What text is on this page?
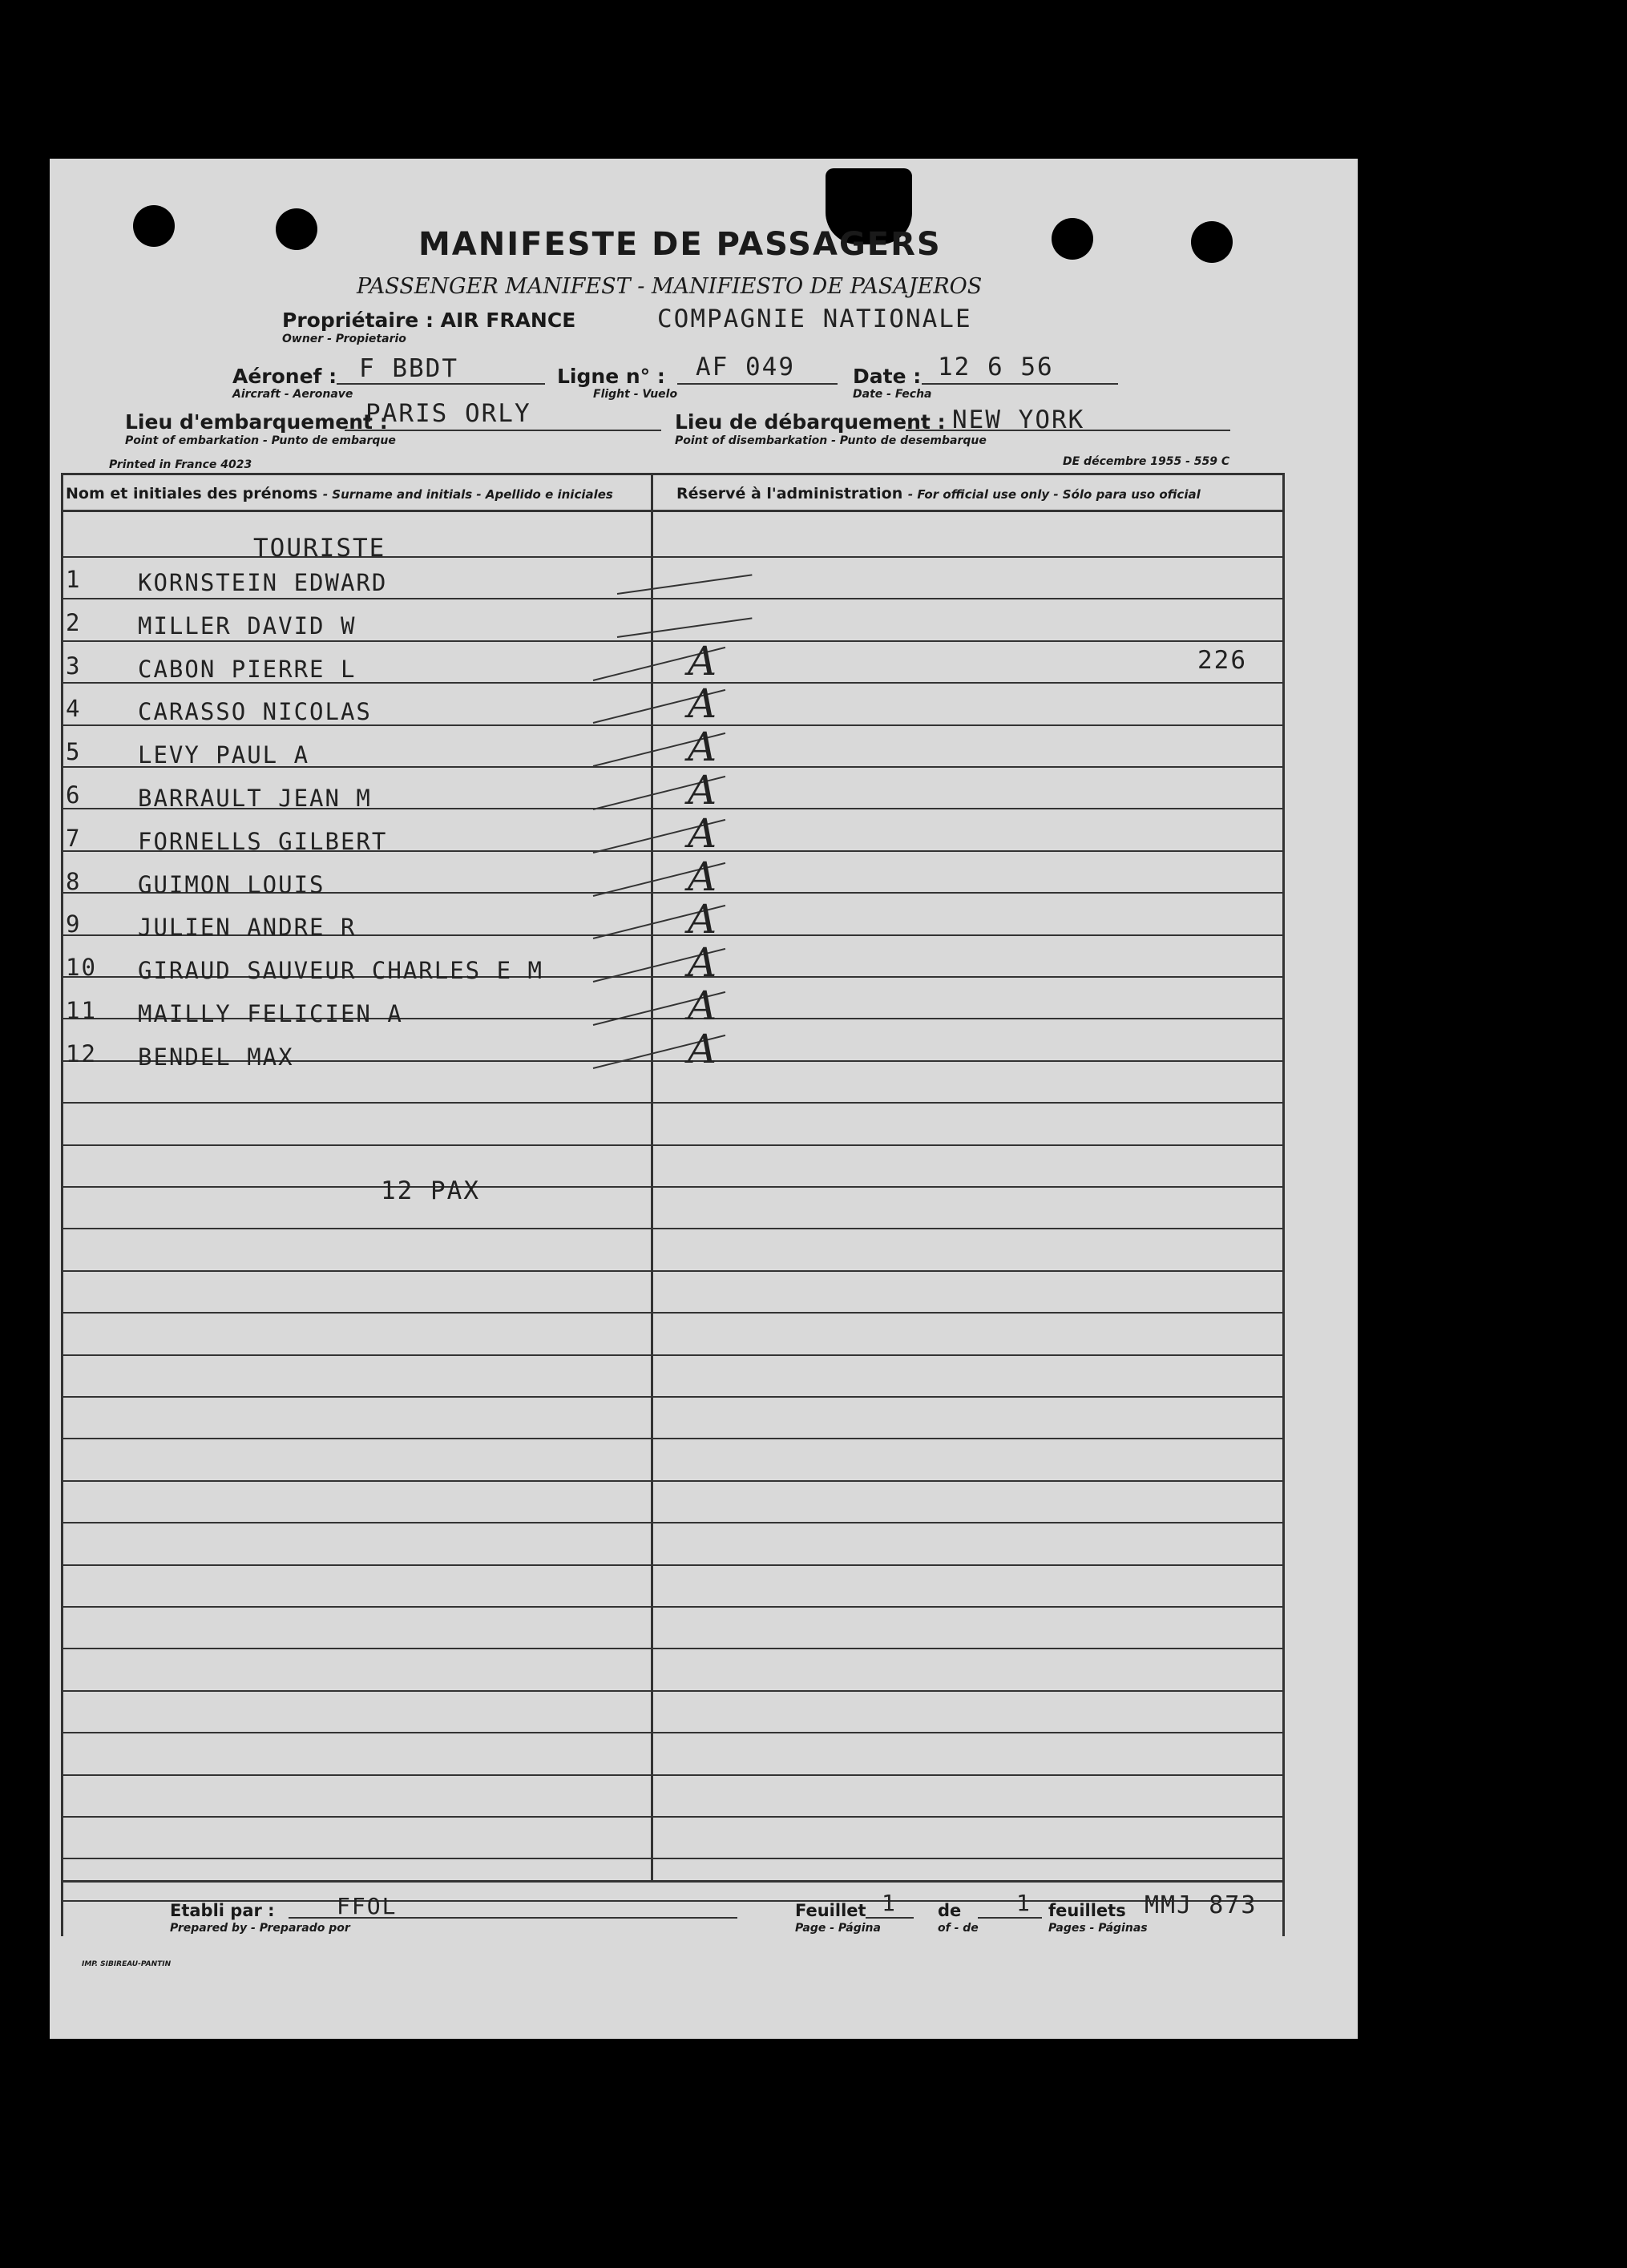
MANIFESTE DE PASSAGERS
PASSENGER MANIFEST - MANIFIESTO DE PASAJEROS
Propriétaire : AIR FRANCE	COMPAGNIE NATIONALE
Owner - Propietario
Aéronef :
Aircraft - Aeronave
F BBDT	Ligne n° :
Flight - Vuelo
AF 049	Date :
Date - Fecha
12 6 56
Lieu d'embarquement :
Point of embarkation - Punto de embarque
PARIS ORLY	Lieu de débarquement :
Point of disembarkation - Punto de desembarque
NEW YORK
Printed in France 4023	DE décembre 1955 - 559 C
Nom et initiales des prénoms - Surname and initials - Apellido e iniciales	Réservé à l'administration - For official use only - Sólo para uso oficial
TOURISTE
1 KORNSTEIN EDWARD
2 MILLER DAVID W
3 CABON PIERRE L	A	226
4 CARASSO NICOLAS	A
5 LEVY PAUL A	A
6 BARRAULT JEAN M	A
7 FORNELLS GILBERT	A
8 GUIMON LOUIS	A
9 JULIEN ANDRE R	A
10 GIRAUD SAUVEUR CHARLES E M	A
11 MAILLY FELICIEN A	A
12 BENDEL MAX	A
12 PAX
Etabli par :
Prepared by - Preparado por
FFOL	Feuillet
Page - Página
1 de
of - de
1 feuillets
Pages - Páginas
MMJ 873
IMP. SIBIREAU-PANTIN
